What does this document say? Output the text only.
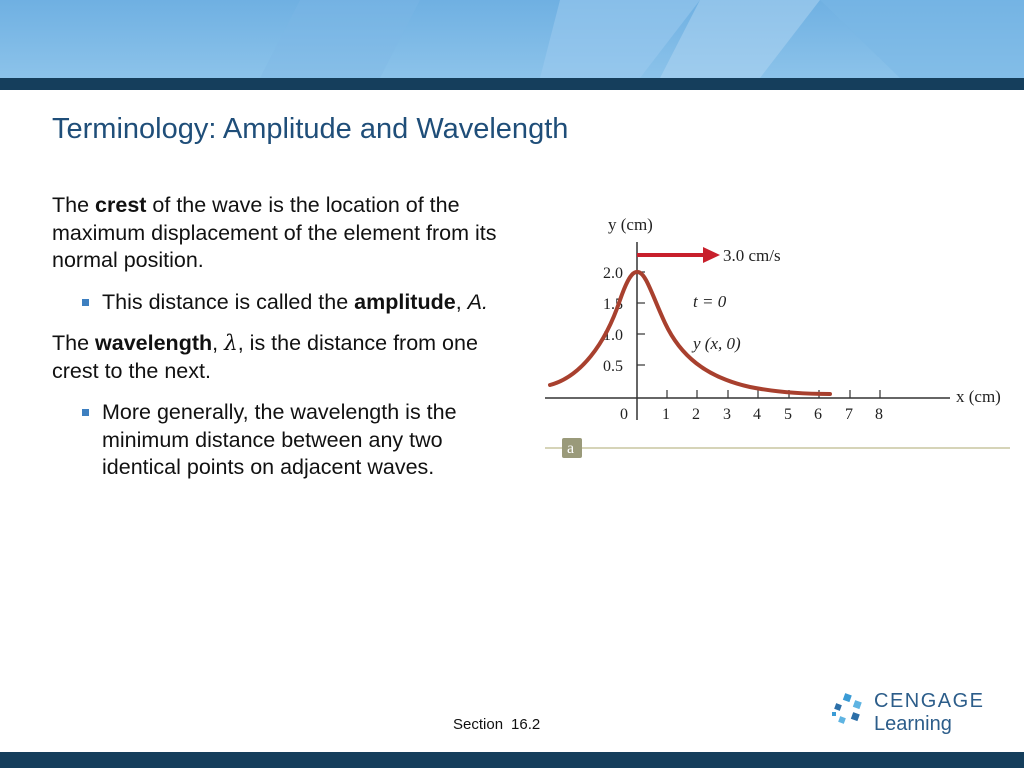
Terminology: Amplitude and Wavelength

The crest of the wave is the location of the maximum displacement of the element from its normal position.

This distance is called the amplitude, A.

The wavelength, λ, is the distance from one crest to the next.

More generally, the wavelength is the minimum distance between any two identical points on adjacent waves.
2.0
1.5
1.0
0.5
0 1 2 3 4 5 6 7 8
y (cm)
x (cm)
3.0 cm/s
t = 0
y (x, 0)
a
Section 16.2
CENGAGE
Learning
